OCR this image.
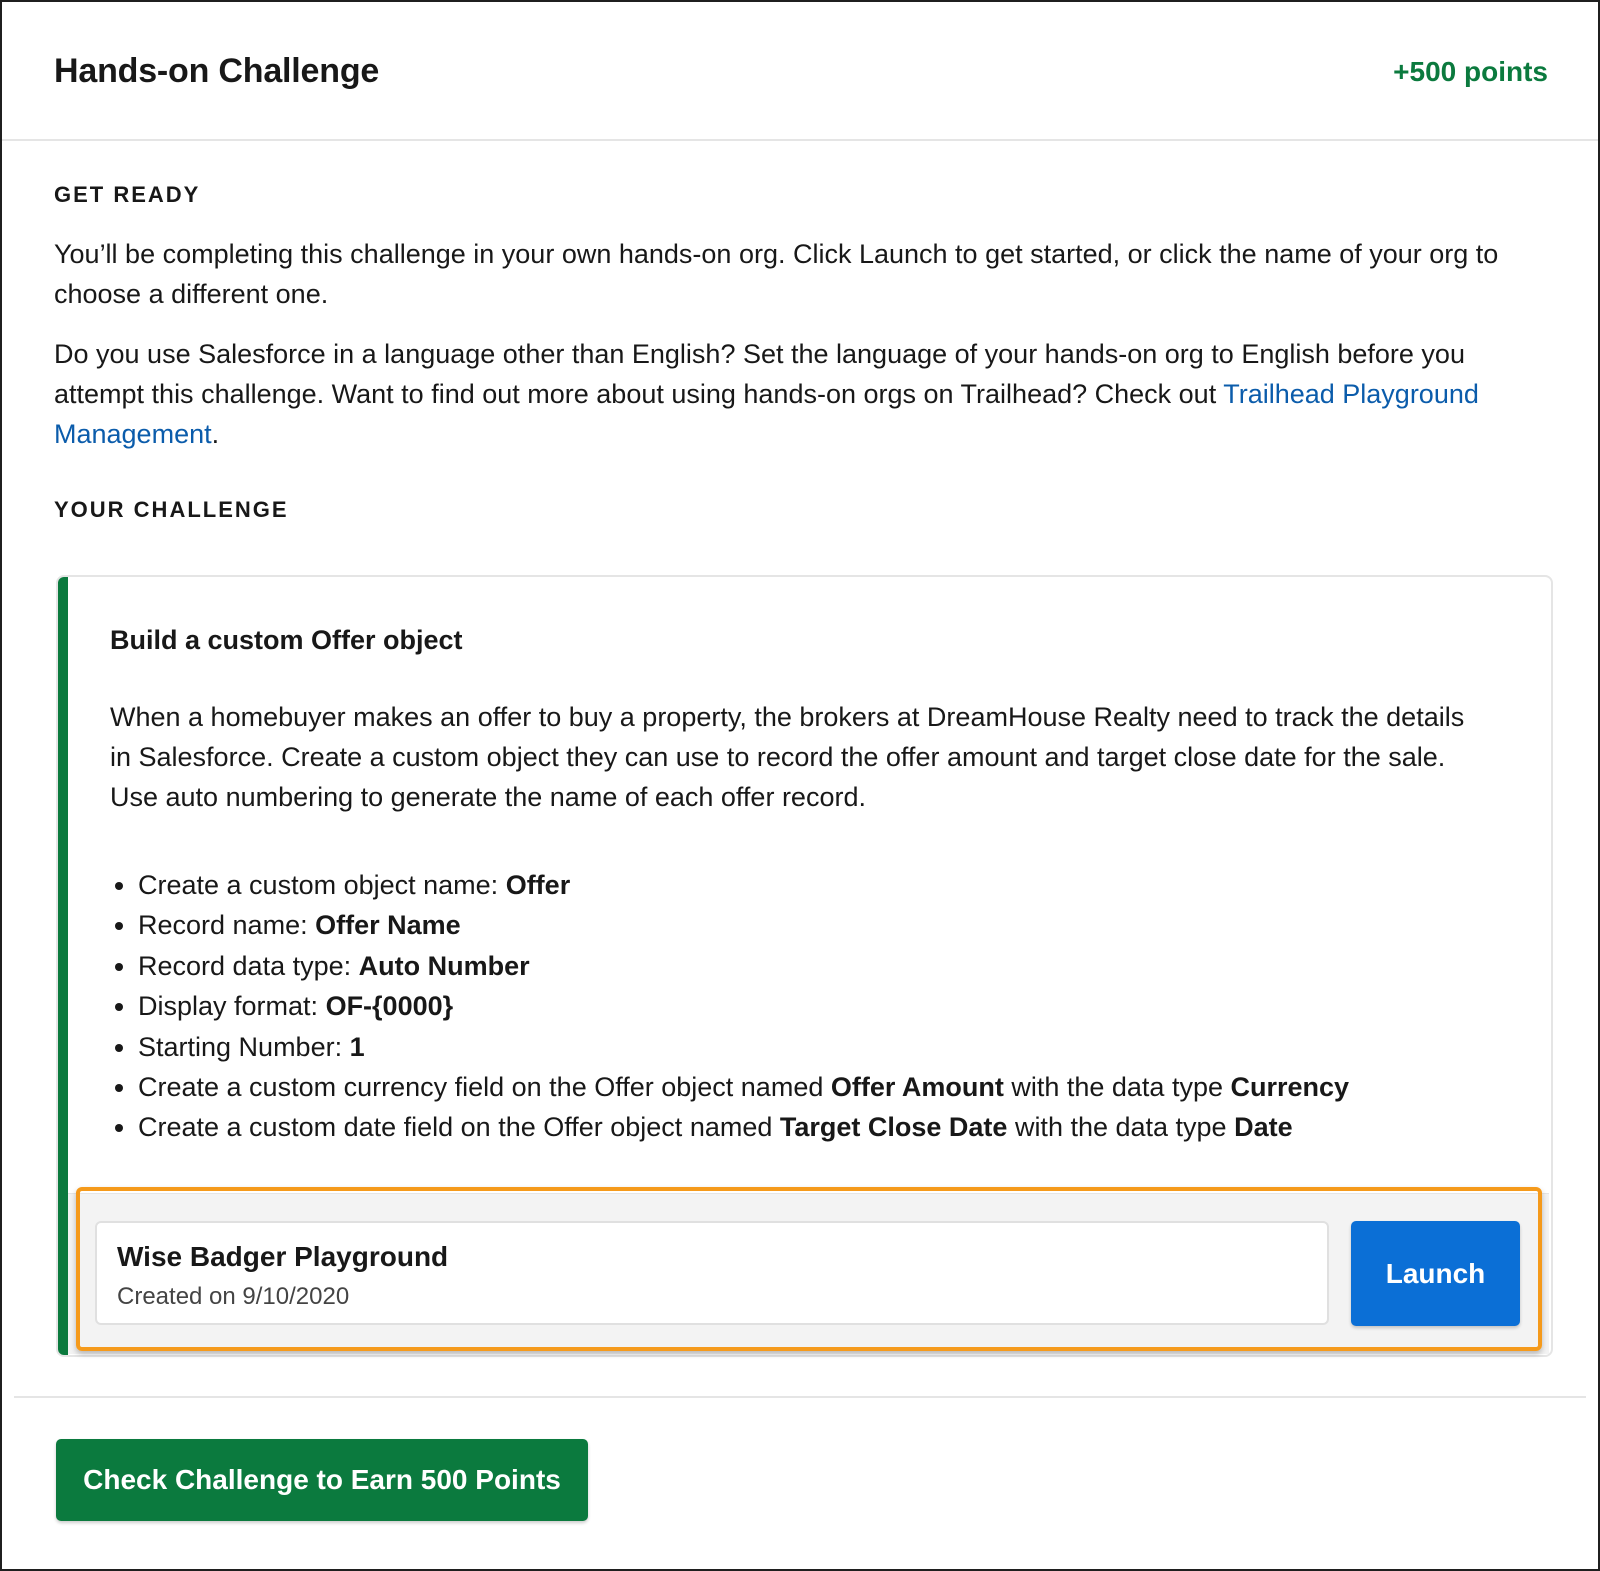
Hands-on Challenge	+500 points
GET READY

You’ll be completing this challenge in your own hands-on org. Click Launch to get started, or click the name of your org to choose a different one.

Do you use Salesforce in a language other than English? Set the language of your hands-on org to English before you attempt this challenge. Want to find out more about using hands-on orgs on Trailhead? Check out Trailhead Playground Management.

YOUR CHALLENGE
Build a custom Offer object

When a homebuyer makes an offer to buy a property, the brokers at DreamHouse Realty need to track the details in Salesforce. Create a custom object they can use to record the offer amount and target close date for the sale. Use auto numbering to generate the name of each offer record.

• Create a custom object name: Offer
• Record name: Offer Name
• Record data type: Auto Number
• Display format: OF-{0000}
• Starting Number: 1
• Create a custom currency field on the Offer object named Offer Amount with the data type Currency
• Create a custom date field on the Offer object named Target Close Date with the data type Date
Wise Badger Playground
Created on 9/10/2020
Launch
Check Challenge to Earn 500 Points
